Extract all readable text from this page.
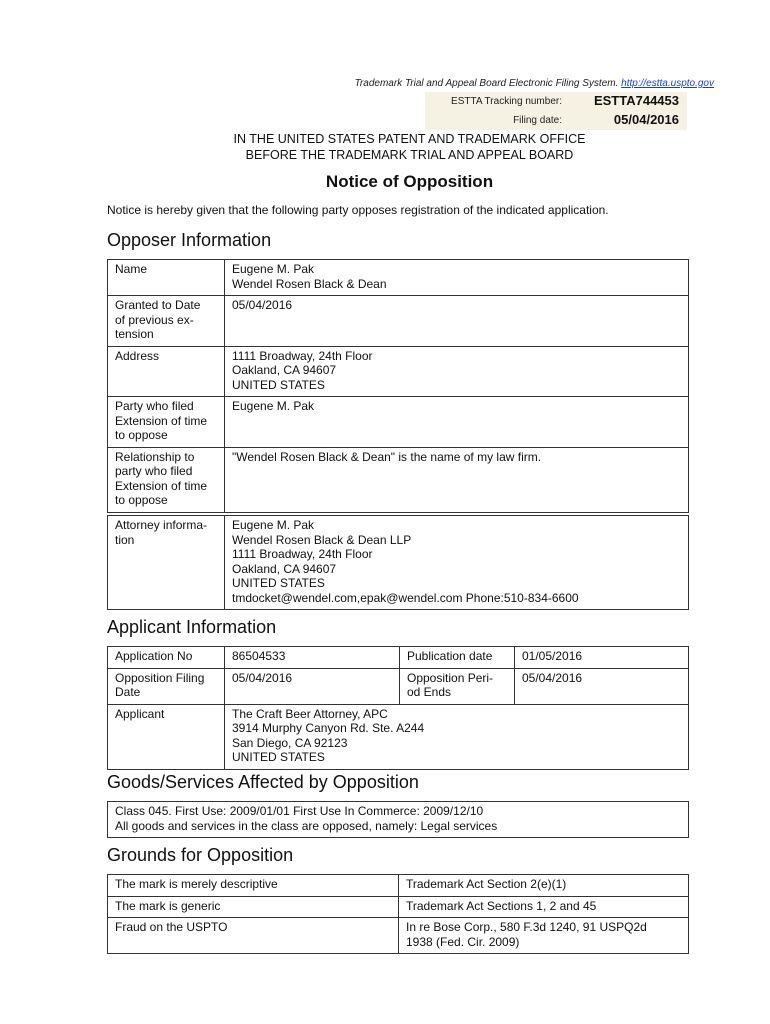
Trademark Trial and Appeal Board Electronic Filing System. http://estta.uspto.gov
ESTTA Tracking number: ESTTA744453
Filing date:	05/04/2016
IN THE UNITED STATES PATENT AND TRADEMARK OFFICE
BEFORE THE TRADEMARK TRIAL AND APPEAL BOARD
Notice of Opposition
Notice is hereby given that the following party opposes registration of the indicated application.
Opposer Information
Name	Eugene M. Pak
Wendel Rosen Black & Dean
Granted to Date
of previous ex-
tension	05/04/2016
Address	1111 Broadway, 24th Floor
Oakland, CA 94607
UNITED STATES
Party who filed
Extension of time
to oppose	Eugene M. Pak
Relationship to
party who filed
Extension of time
to oppose	"Wendel Rosen Black & Dean" is the name of my law firm.
Attorney informa-
tion	Eugene M. Pak
Wendel Rosen Black & Dean LLP
1111 Broadway, 24th Floor
Oakland, CA 94607
UNITED STATES
tmdocket@wendel.com,epak@wendel.com Phone:510-834-6600
Applicant Information
Application No	86504533	Publication date	01/05/2016
Opposition Filing
Date	05/04/2016	Opposition Peri-
od Ends	05/04/2016
Applicant	The Craft Beer Attorney, APC
3914 Murphy Canyon Rd. Ste. A244
San Diego, CA 92123
UNITED STATES		
Goods/Services Affected by Opposition
Class 045. First Use: 2009/01/01 First Use In Commerce: 2009/12/10
All goods and services in the class are opposed, namely: Legal services
Grounds for Opposition
The mark is merely descriptive	Trademark Act Section 2(e)(1)
The mark is generic	Trademark Act Sections 1, 2 and 45
Fraud on the USPTO	In re Bose Corp., 580 F.3d 1240, 91 USPQ2d
1938 (Fed. Cir. 2009)
